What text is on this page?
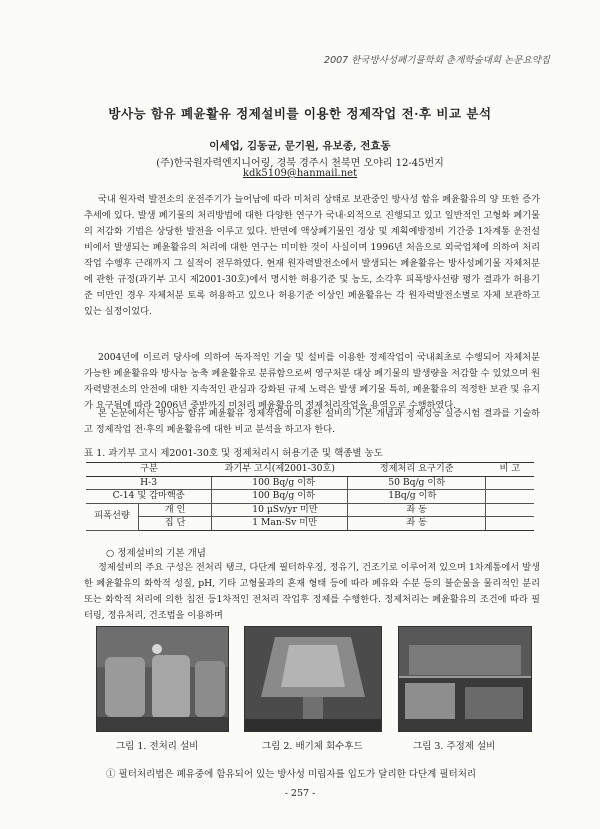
2007 한국방사성폐기물학회 춘계학술대회 논문요약집
방사능 함유 폐윤활유 정제설비를 이용한 정제작업 전·후 비교 분석
이세업, 김동균, 문기원, 유보종, 전효동
(주)한국원자력엔지니어링, 경북 경주시 천북면 오야리 12-45번지
kdk5109@hanmail.net

국내 원자력 발전소의 운전주기가 늘어남에 따라 미처리 상태로 보관중인 방사성 함유 폐윤활유의 양 또한 증가 추세에 있다. 발생 폐기물의 처리방법에 대한 다양한 연구가 국내·외적으로 진행되고 있고 일반적인 고형화 폐기물의 저감화 기법은 상당한 발전을 이루고 있다. 반면에 액상폐기물인 경상 및 계획예방정비 기간중 1차계통 운전설비에서 발생되는 폐윤활유의 처리에 대한 연구는 미미한 것이 사실이며 1996년 처음으로 외국업체에 의하여 처리작업 수행후 근래까지 그 실적이 전무하였다. 현재 원자력발전소에서 발생되는 폐윤활유는 방사성폐기물 자체처분에 관한 규정(과기부 고시 제2001-30호)에서 명시한 허용기준 및 농도, 소각후 피폭방사선량 평가 결과가 허용기준 미만인 경우 자체처분 토록 허용하고 있으나 허용기준 이상인 폐윤활유는 각 원자력발전소별로 자체 보관하고 있는 실정이었다.

2004년에 이르러 당사에 의하여 독자적인 기술 및 설비를 이용한 정제작업이 국내최초로 수행되어 자체처분 가능한 폐윤활유와 방사능 농축 폐윤활유로 분류함으로써 영구처분 대상 폐기물의 발생량을 저감할 수 있었으며 원자력발전소의 안전에 대한 지속적인 관심과 강화된 규제 노력은 발생 폐기물 특히, 폐윤활유의 적정한 보관 및 유지가 요구됨에 따라 2006년 중반까지 미처리 폐윤활유의 정제처리작업을 용역으로 수행하였다.

본 논문에서는 방사능 함유 폐윤활유 정제작업에 이용한 설비의 기본 개념과 정제성능 실증시험 결과를 기술하고 정제작업 전·후의 폐윤활유에 대한 비교 분석을 하고자 한다.

표 1. 과기부 고시 제2001-30호 및 정제처리시 허용기준 및 핵종별 농도
구분		과기부 고시(제2001-30호)	정제처리 요구기준	비 고
H-3		100 Bq/g 이하	50 Bq/g 이하	
C-14 및 감마핵종		100 Bq/g 이하	1Bq/g 이하	
피폭선량	개 인	10 μSv/yr 미만	좌 동	
	집 단	1 Man-Sv 미만	좌 동	
○ 정제설비의 기본 개념

정제설비의 주요 구성은 전처리 탱크, 다단계 필터하우징, 정유기, 건조기로 이루어져 있으며 1차계통에서 발생한 폐윤활유의 화학적 성질, pH, 기타 고형물과의 혼재 형태 등에 따라 폐유와 수분 등의 불순물을 물리적인 분리 또는 화학적 처리에 의한 침전 등1차적인 전처리 작업후 정제를 수행한다. 정제처리는 폐윤활유의 조건에 따라 필터링, 정유처리, 건조법을 이용하며

그림 1. 전처리 설비	그림 2. 배기체 회수후드	그림 3. 주정제 설비
① 필터처리법은 폐유중에 함유되어 있는 방사성 미립자를 입도가 달리한 다단계 필터처리
- 257 -
